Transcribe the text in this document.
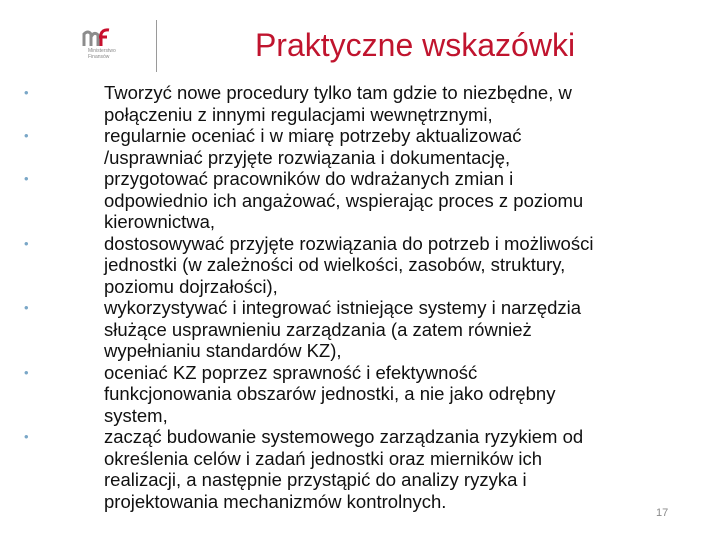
Ministerstwo
Finansów	Praktyczne wskazówki
•	Tworzyć nowe procedury tylko tam gdzie to niezbędne, w
połączeniu z innymi regulacjami wewnętrznymi,
•	regularnie oceniać i w miarę potrzeby aktualizować
/usprawniać przyjęte rozwiązania i dokumentację,
•	przygotować pracowników do wdrażanych zmian i
odpowiednio ich angażować, wspierając proces z poziomu
kierownictwa,
•	dostosowywać przyjęte rozwiązania do potrzeb i możliwości
jednostki (w zależności od wielkości, zasobów, struktury,
poziomu dojrzałości),
•	wykorzystywać i integrować istniejące systemy i narzędzia
służące usprawnieniu zarządzania (a zatem również
wypełnianiu standardów KZ),
•	oceniać KZ poprzez sprawność i efektywność
funkcjonowania obszarów jednostki, a nie jako odrębny
system,
•	zacząć budowanie systemowego zarządzania ryzykiem od
określenia celów i zadań jednostki oraz mierników ich
realizacji, a następnie przystąpić do analizy ryzyka i
projektowania mechanizmów kontrolnych.
17
